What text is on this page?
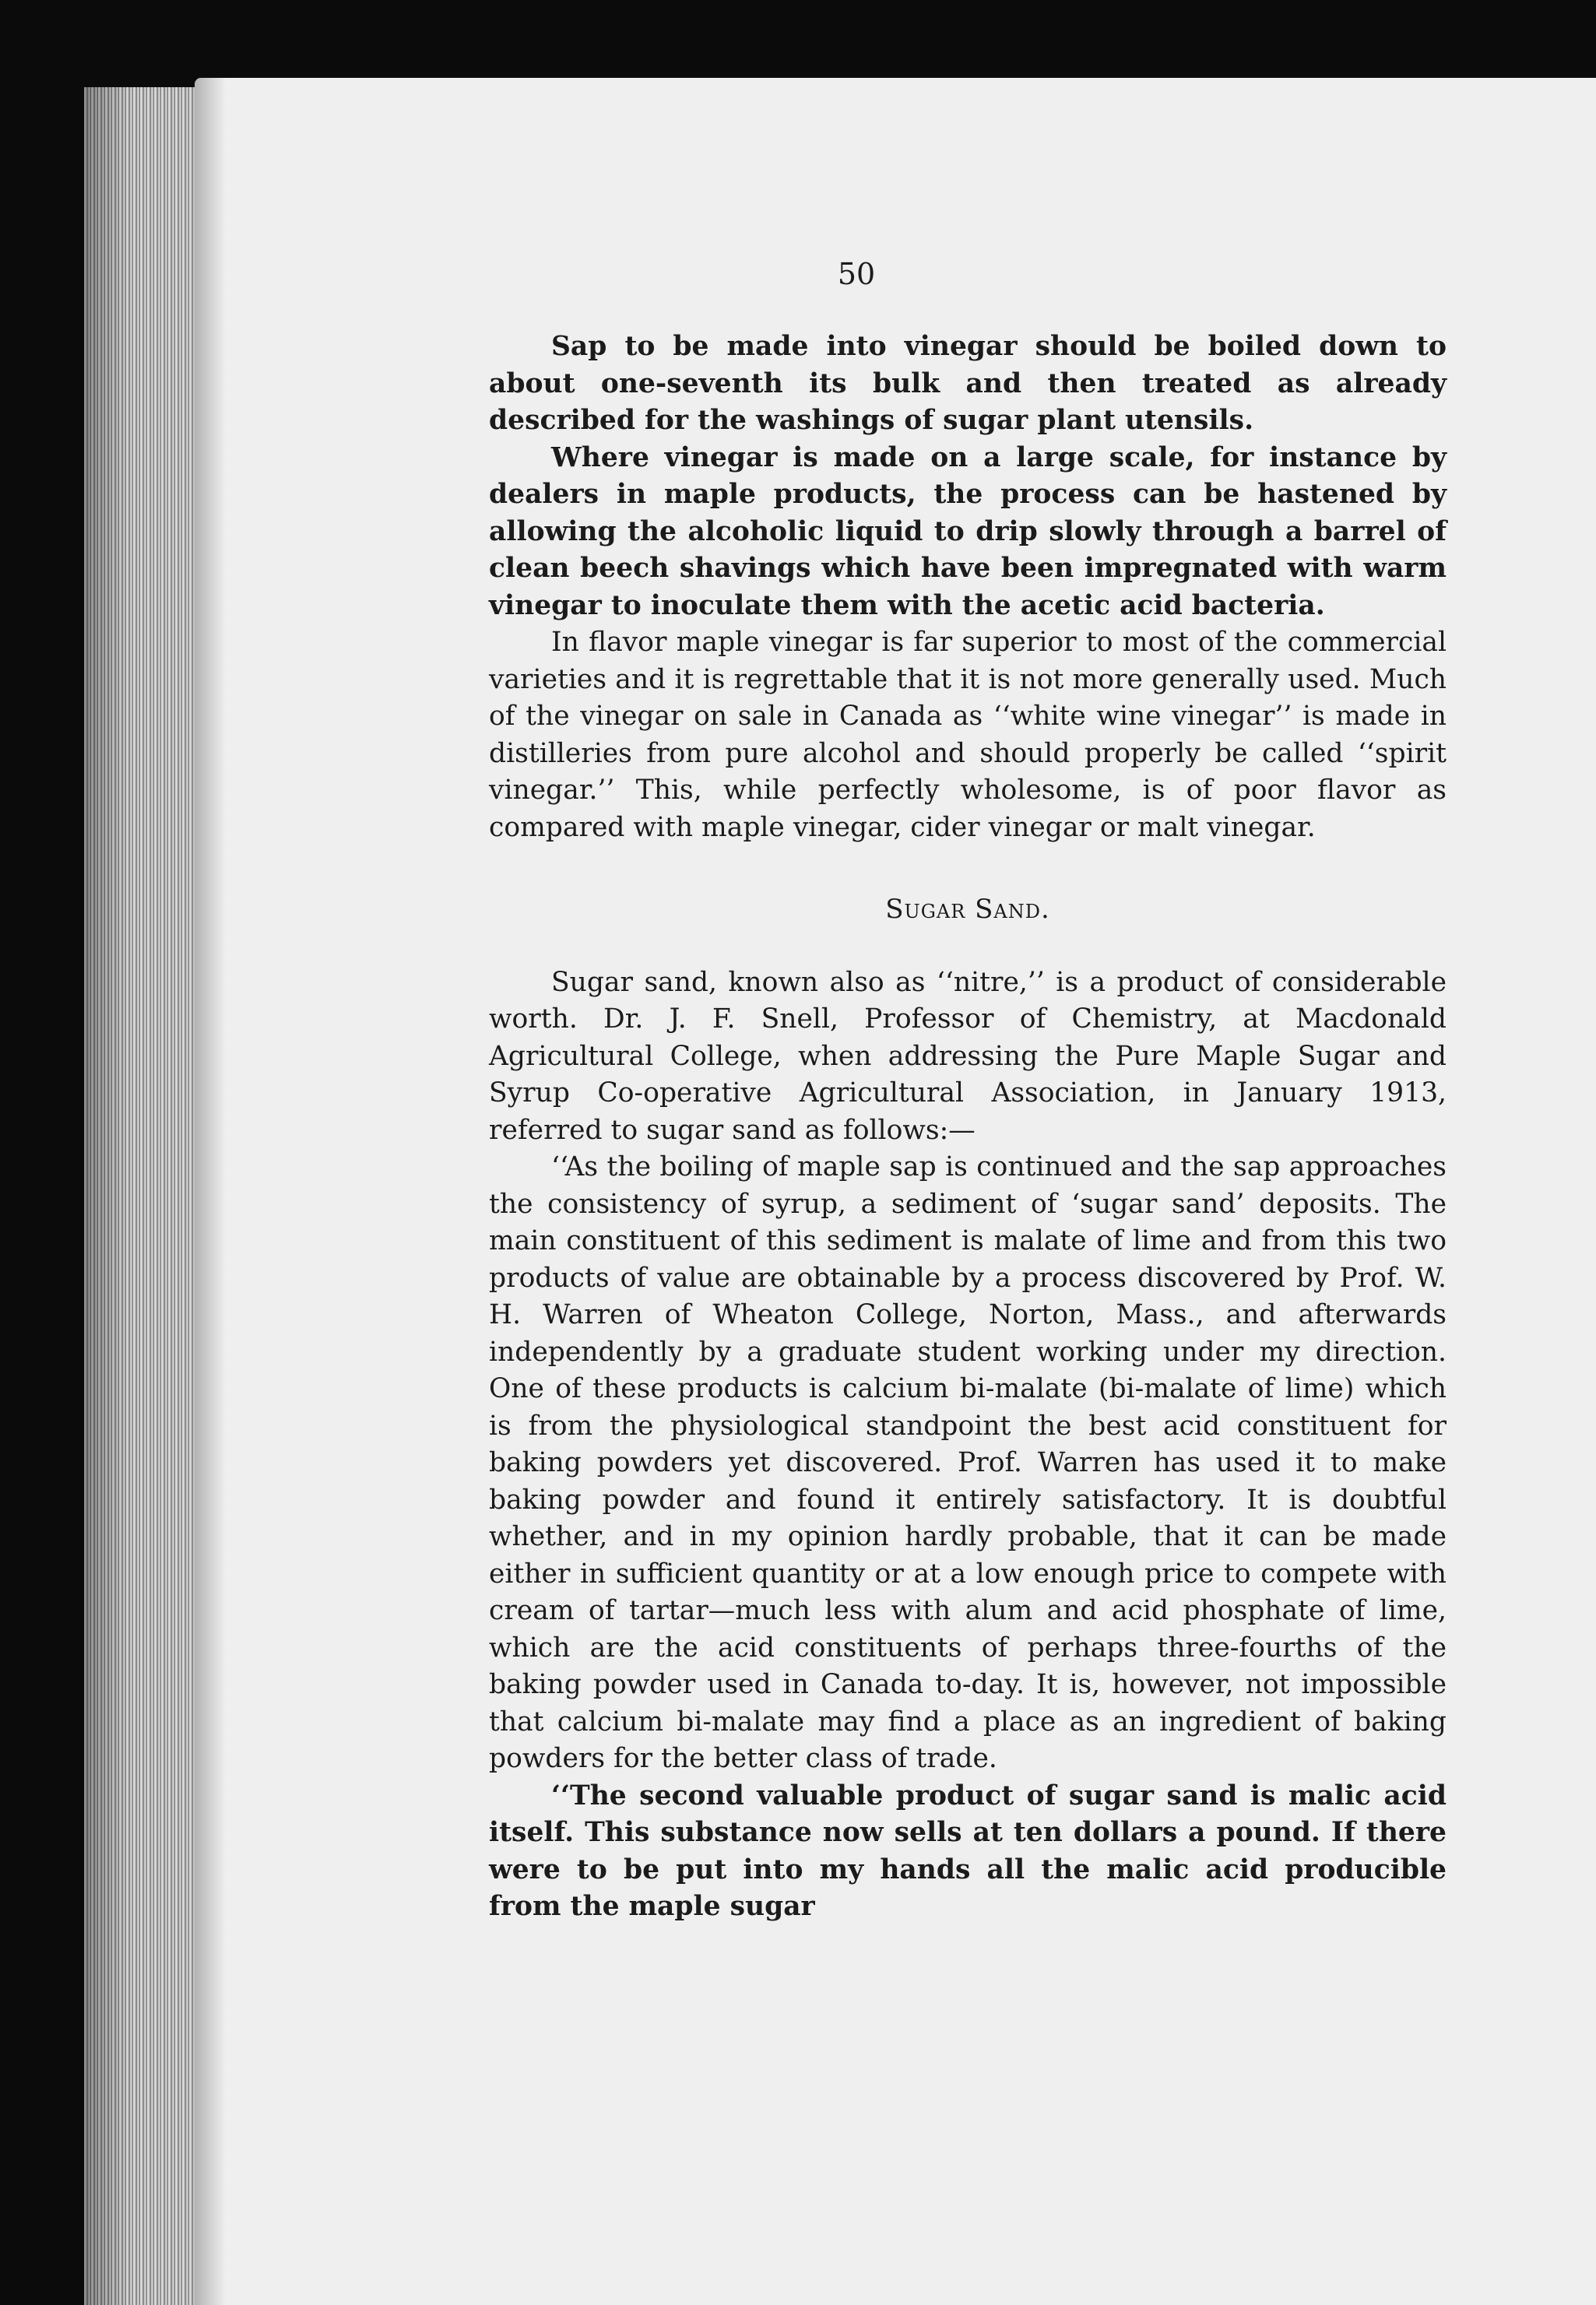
50

Sap to be made into vinegar should be boiled down to about one-seventh its bulk and then treated as already described for the washings of sugar plant utensils.

Where vinegar is made on a large scale, for instance by dealers in maple products, the process can be hastened by allowing the alcoholic liquid to drip slowly through a barrel of clean beech shavings which have been impregnated with warm vinegar to inoculate them with the acetic acid bacteria.

In flavor maple vinegar is far superior to most of the commercial varieties and it is regrettable that it is not more generally used. Much of the vinegar on sale in Canada as ‘‘white wine vinegar’’ is made in distilleries from pure alcohol and should properly be called ‘‘spirit vinegar.’’ This, while perfectly wholesome, is of poor flavor as compared with maple vinegar, cider vinegar or malt vinegar.

Sugar Sand.

Sugar sand, known also as ‘‘nitre,’’ is a product of considerable worth. Dr. J. F. Snell, Professor of Chemistry, at Macdonald Agricultural College, when addressing the Pure Maple Sugar and Syrup Co-operative Agricultural Association, in January 1913, referred to sugar sand as follows:—

‘‘As the boiling of maple sap is continued and the sap approaches the consistency of syrup, a sediment of ‘sugar sand’ deposits. The main constituent of this sediment is malate of lime and from this two products of value are obtainable by a process discovered by Prof. W. H. Warren of Wheaton College, Norton, Mass., and afterwards independently by a graduate student working under my direction. One of these products is calcium bi-malate (bi-malate of lime) which is from the physiological standpoint the best acid constituent for baking powders yet discovered. Prof. Warren has used it to make baking powder and found it entirely satisfactory. It is doubtful whether, and in my opinion hardly probable, that it can be made either in sufficient quantity or at a low enough price to compete with cream of tartar—much less with alum and acid phosphate of lime, which are the acid constituents of perhaps three-fourths of the baking powder used in Canada to-day. It is, however, not impossible that calcium bi-malate may find a place as an ingredient of baking powders for the better class of trade.

‘‘The second valuable product of sugar sand is malic acid itself. This substance now sells at ten dollars a pound. If there were to be put into my hands all the malic acid producible from the maple sugar
